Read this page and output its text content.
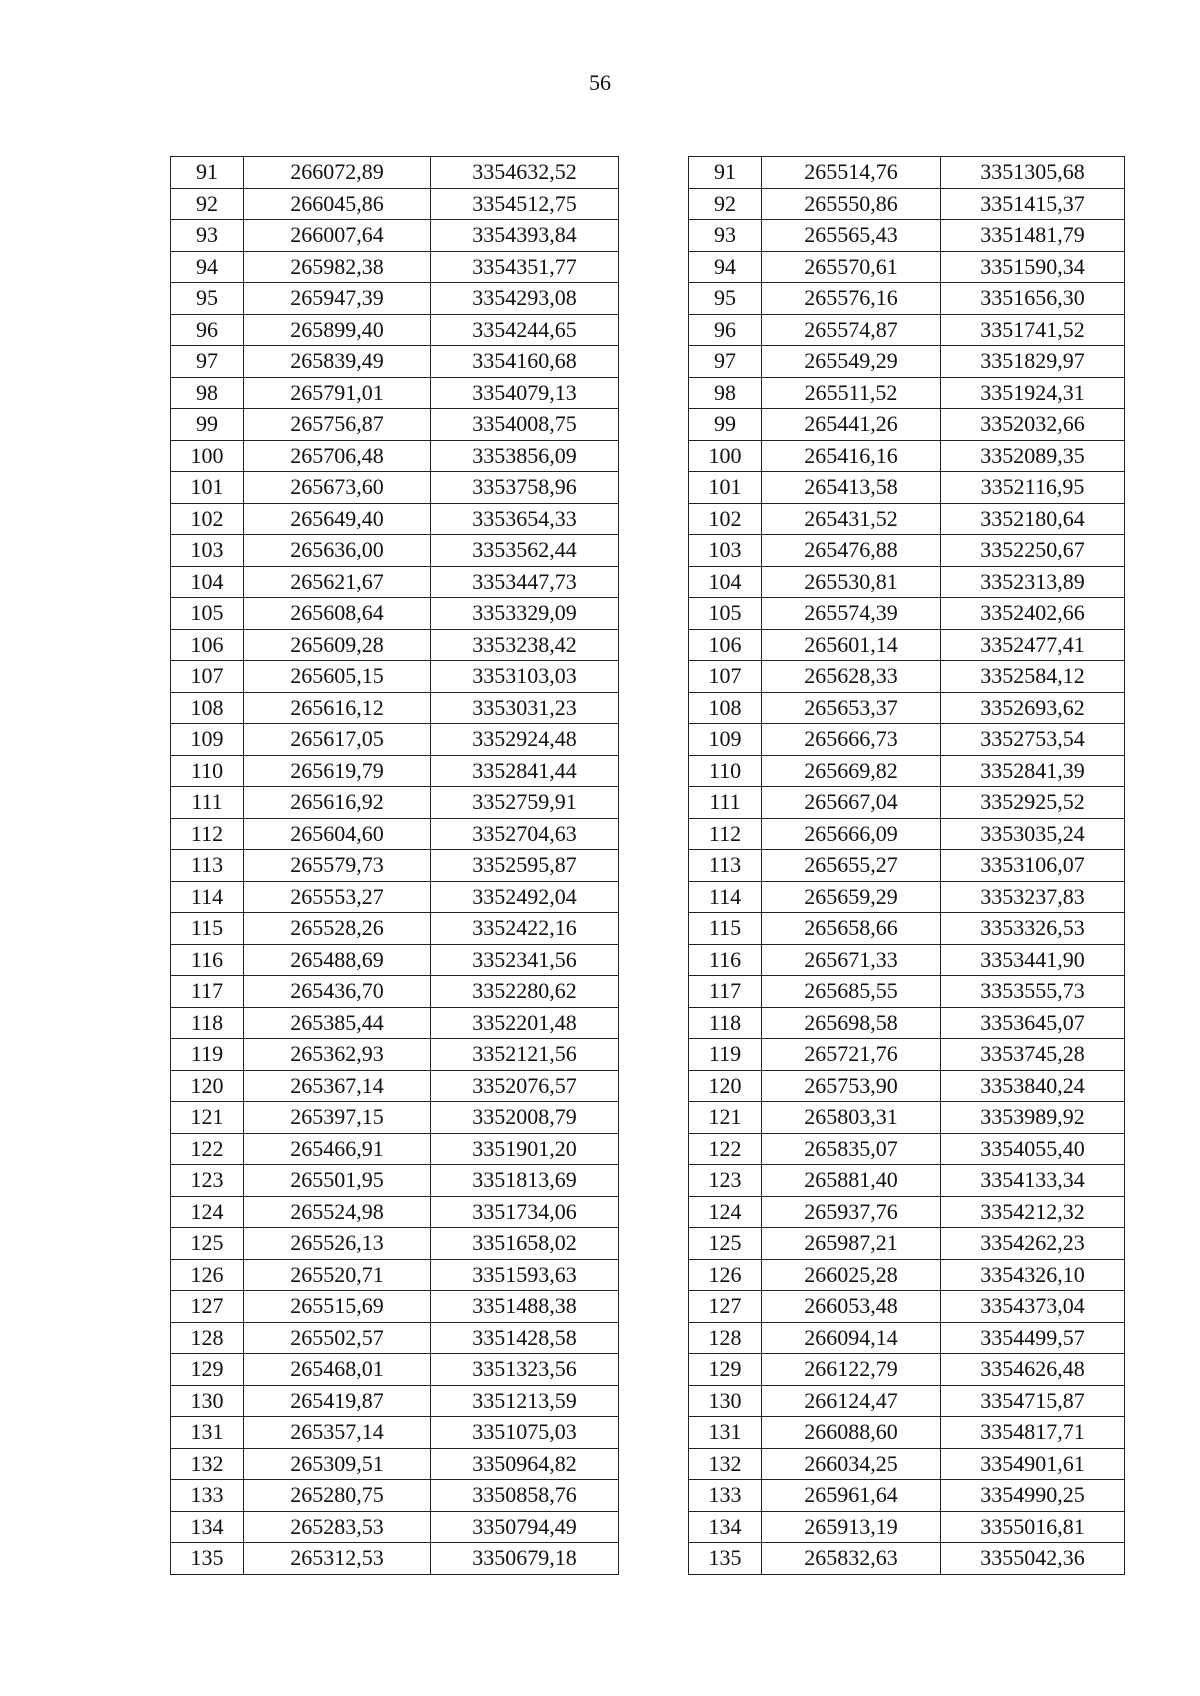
56
91	266072,89	3354632,52
92	266045,86	3354512,75
93	266007,64	3354393,84
94	265982,38	3354351,77
95	265947,39	3354293,08
96	265899,40	3354244,65
97	265839,49	3354160,68
98	265791,01	3354079,13
99	265756,87	3354008,75
100	265706,48	3353856,09
101	265673,60	3353758,96
102	265649,40	3353654,33
103	265636,00	3353562,44
104	265621,67	3353447,73
105	265608,64	3353329,09
106	265609,28	3353238,42
107	265605,15	3353103,03
108	265616,12	3353031,23
109	265617,05	3352924,48
110	265619,79	3352841,44
111	265616,92	3352759,91
112	265604,60	3352704,63
113	265579,73	3352595,87
114	265553,27	3352492,04
115	265528,26	3352422,16
116	265488,69	3352341,56
117	265436,70	3352280,62
118	265385,44	3352201,48
119	265362,93	3352121,56
120	265367,14	3352076,57
121	265397,15	3352008,79
122	265466,91	3351901,20
123	265501,95	3351813,69
124	265524,98	3351734,06
125	265526,13	3351658,02
126	265520,71	3351593,63
127	265515,69	3351488,38
128	265502,57	3351428,58
129	265468,01	3351323,56
130	265419,87	3351213,59
131	265357,14	3351075,03
132	265309,51	3350964,82
133	265280,75	3350858,76
134	265283,53	3350794,49
135	265312,53	3350679,18
91	265514,76	3351305,68
92	265550,86	3351415,37
93	265565,43	3351481,79
94	265570,61	3351590,34
95	265576,16	3351656,30
96	265574,87	3351741,52
97	265549,29	3351829,97
98	265511,52	3351924,31
99	265441,26	3352032,66
100	265416,16	3352089,35
101	265413,58	3352116,95
102	265431,52	3352180,64
103	265476,88	3352250,67
104	265530,81	3352313,89
105	265574,39	3352402,66
106	265601,14	3352477,41
107	265628,33	3352584,12
108	265653,37	3352693,62
109	265666,73	3352753,54
110	265669,82	3352841,39
111	265667,04	3352925,52
112	265666,09	3353035,24
113	265655,27	3353106,07
114	265659,29	3353237,83
115	265658,66	3353326,53
116	265671,33	3353441,90
117	265685,55	3353555,73
118	265698,58	3353645,07
119	265721,76	3353745,28
120	265753,90	3353840,24
121	265803,31	3353989,92
122	265835,07	3354055,40
123	265881,40	3354133,34
124	265937,76	3354212,32
125	265987,21	3354262,23
126	266025,28	3354326,10
127	266053,48	3354373,04
128	266094,14	3354499,57
129	266122,79	3354626,48
130	266124,47	3354715,87
131	266088,60	3354817,71
132	266034,25	3354901,61
133	265961,64	3354990,25
134	265913,19	3355016,81
135	265832,63	3355042,36
